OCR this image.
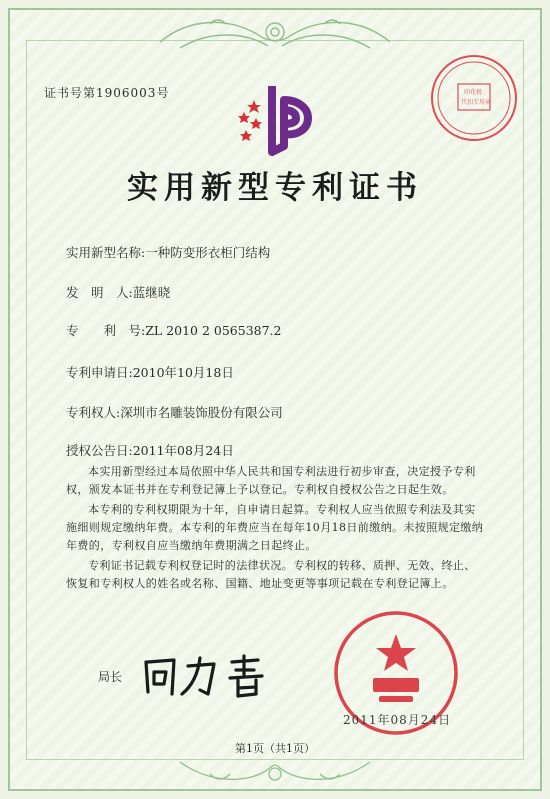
证书号第1906003号	印花税
代扣专用章
实用新型专利证书
实用新型名称:一种防变形衣柜门结构
发　明　人:蓝继晓
专　　利　号:ZL 2010 2 0565387.2
专利申请日:2010年10月18日
专利权人:深圳市名雕装饰股份有限公司
授权公告日:2011年08月24日

本实用新型经过本局依照中华人民共和国专利法进行初步审查，决定授予专利权，颁发本证书并在专利登记簿上予以登记。专利权自授权公告之日起生效。

本专利的专利权期限为十年，自申请日起算。专利权人应当依照专利法及其实施细则规定缴纳年费。本专利的年费应当在每年10月18日前缴纳。未按照规定缴纳年费的，专利权自应当缴纳年费期满之日起终止。

专利证书记载专利权登记时的法律状况。专利权的转移、质押、无效、终止、恢复和专利权人的姓名或名称、国籍、地址变更等事项记载在专利登记簿上。

局长
2011年08月24日
第1页（共1页）
